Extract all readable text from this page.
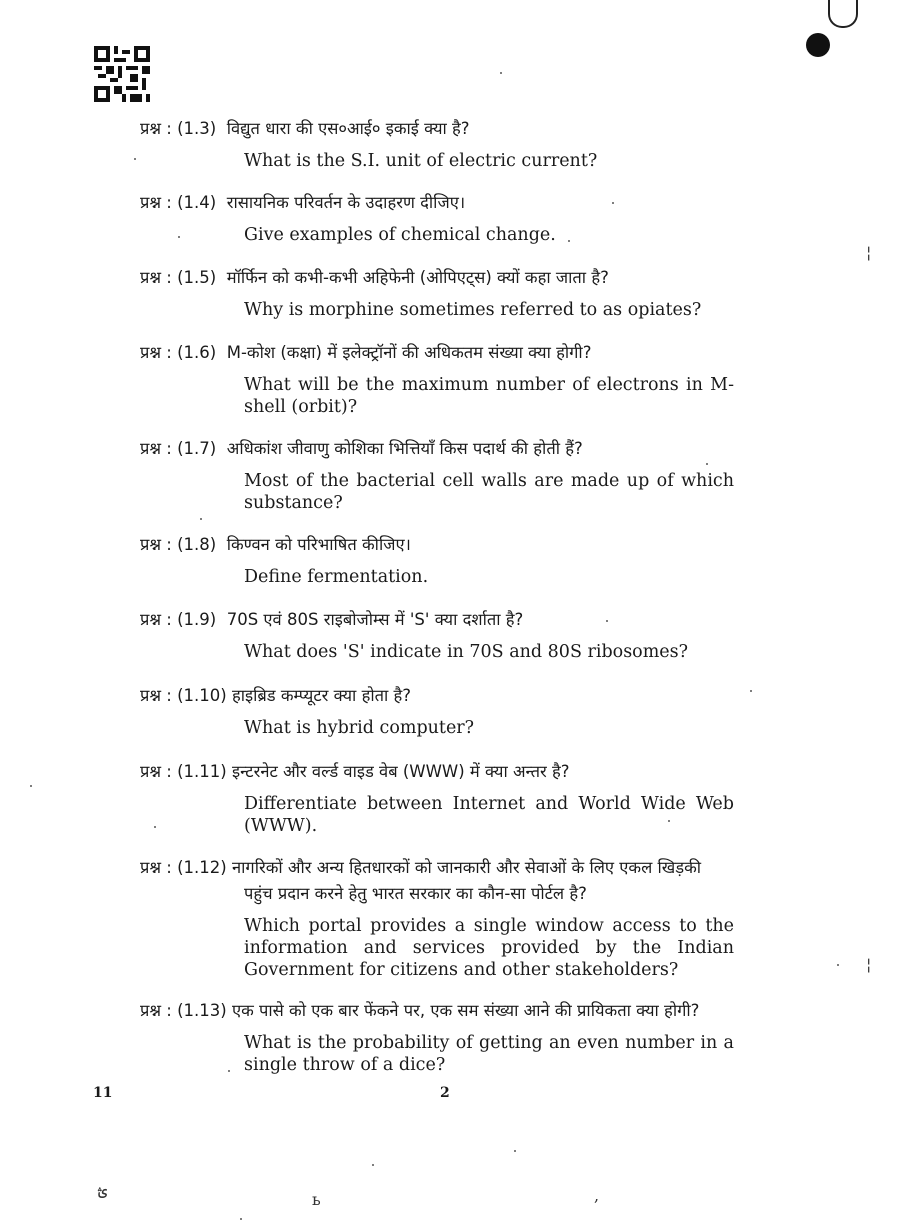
प्रश्न : (1.3) विद्युत धारा की एस०आई० इकाई क्या है?
What is the S.I. unit of electric current?
प्रश्न : (1.4) रासायनिक परिवर्तन के उदाहरण दीजिए।
Give examples of chemical change.
प्रश्न : (1.5) मॉर्फिन को कभी-कभी अहिफेनी (ओपिएट्स) क्यों कहा जाता है?
Why is morphine sometimes referred to as opiates?
प्रश्न : (1.6) M-कोश (कक्षा) में इलेक्ट्रॉनों की अधिकतम संख्या क्या होगी?
What will be the maximum number of electrons in M-shell (orbit)?
प्रश्न : (1.7) अधिकांश जीवाणु कोशिका भित्तियाँ किस पदार्थ की होती हैं?
Most of the bacterial cell walls are made up of which substance?
प्रश्न : (1.8) किण्वन को परिभाषित कीजिए।
Define fermentation.
प्रश्न : (1.9) 70S एवं 80S राइबोजोम्स में 'S' क्या दर्शाता है?
What does 'S' indicate in 70S and 80S ribosomes?
प्रश्न : (1.10) हाइब्रिड कम्प्यूटर क्या होता है?
What is hybrid computer?
प्रश्न : (1.11) इन्टरनेट और वर्ल्ड वाइड वेब (WWW) में क्या अन्तर है?
Differentiate between Internet and World Wide Web (WWW).
प्रश्न : (1.12) नागरिकों और अन्य हितधारकों को जानकारी और सेवाओं के लिए एकल खिड़की
पहुंच प्रदान करने हेतु भारत सरकार का कौन-सा पोर्टल है?
Which portal provides a single window access to the information and services provided by the Indian Government for citizens and other stakeholders?
प्रश्न : (1.13) एक पासे को एक बार फेंकने पर, एक सम संख्या आने की प्रायिकता क्या होगी?
What is the probability of getting an even number in a single throw of a dice?
11	2
¦
¦
ؿ
ь	,
